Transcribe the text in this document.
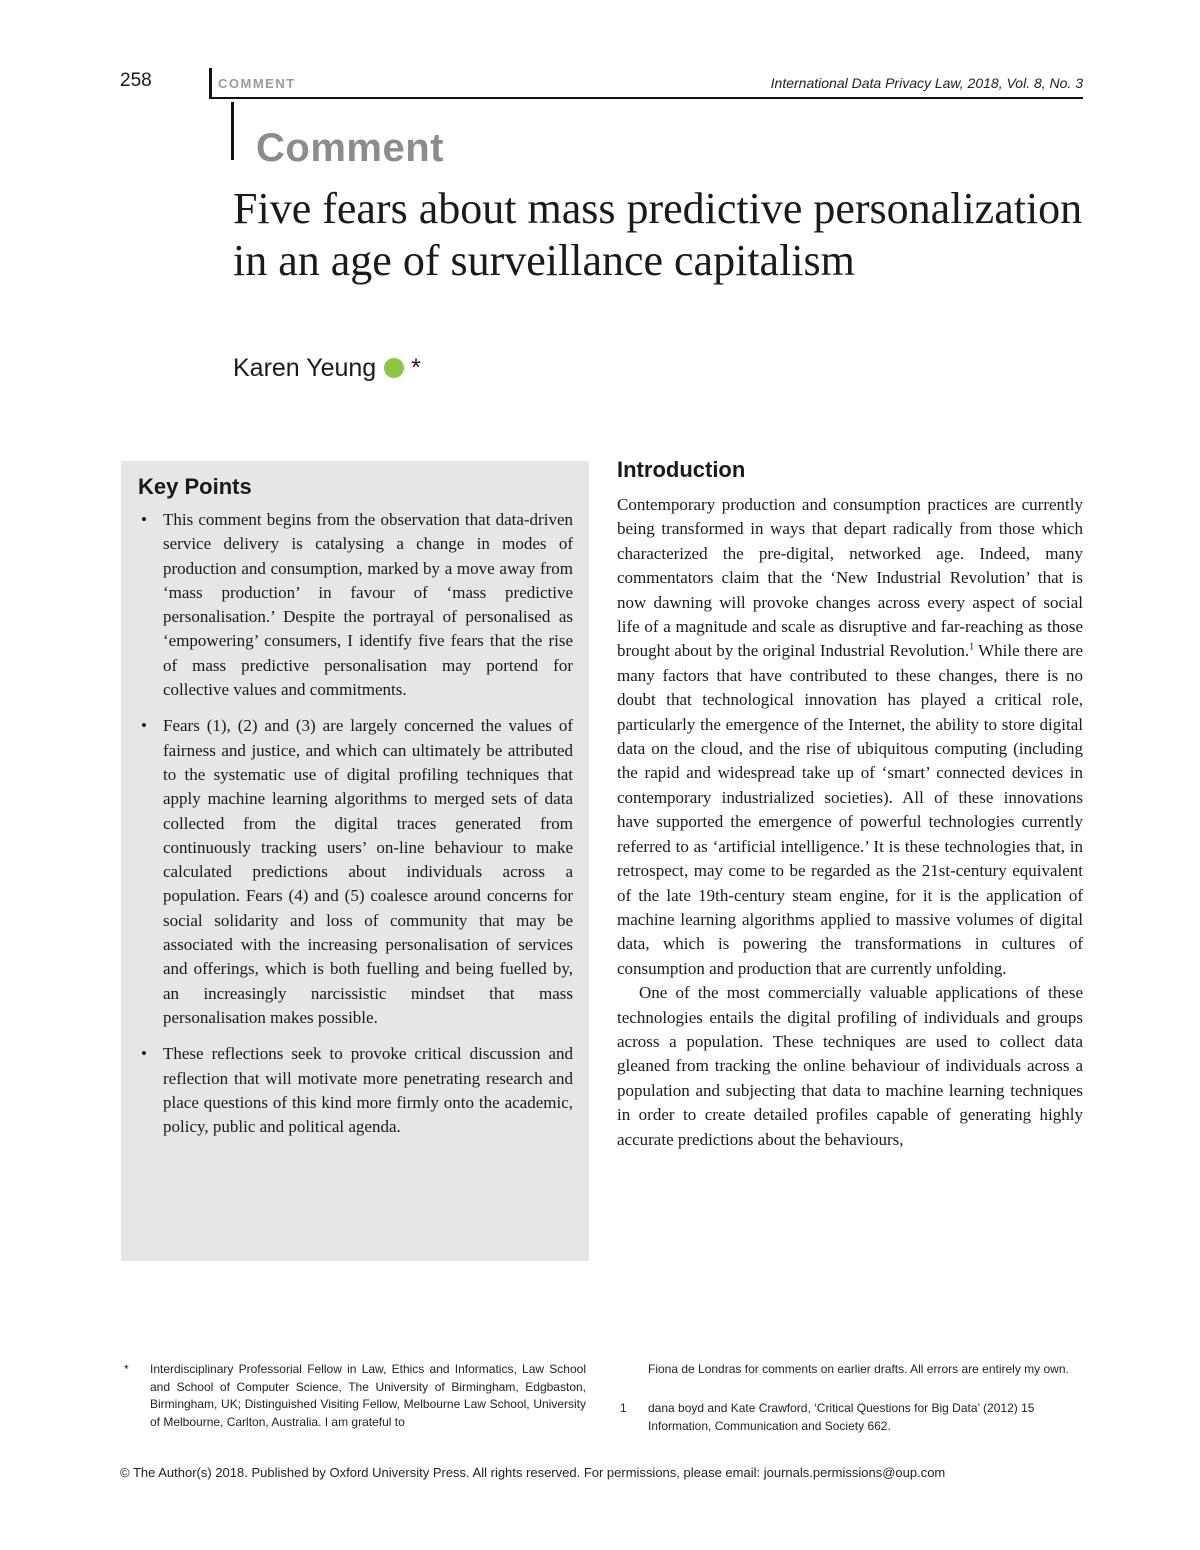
258	COMMENT	International Data Privacy Law, 2018, Vol. 8, No. 3
Comment
Five fears about mass predictive personalization in an age of surveillance capitalism
Karen Yeung *
Key Points
• This comment begins from the observation that data-driven service delivery is catalysing a change in modes of production and consumption, marked by a move away from ‘mass production’ in favour of ‘mass predictive personalisation.’ Despite the portrayal of personalised as ‘empowering’ consumers, I identify five fears that the rise of mass predictive personalisation may portend for collective values and commitments.
• Fears (1), (2) and (3) are largely concerned the values of fairness and justice, and which can ultimately be attributed to the systematic use of digital profiling techniques that apply machine learning algorithms to merged sets of data collected from the digital traces generated from continuously tracking users’ on-line behaviour to make calculated predictions about individuals across a population. Fears (4) and (5) coalesce around concerns for social solidarity and loss of community that may be associated with the increasing personalisation of services and offerings, which is both fuelling and being fuelled by, an increasingly narcissistic mindset that mass personalisation makes possible.
• These reflections seek to provoke critical discussion and reflection that will motivate more penetrating research and place questions of this kind more firmly onto the academic, policy, public and political agenda.
Introduction

Contemporary production and consumption practices are currently being transformed in ways that depart radically from those which characterized the pre-digital, networked age. Indeed, many commentators claim that the ‘New Industrial Revolution’ that is now dawning will provoke changes across every aspect of social life of a magnitude and scale as disruptive and far-reaching as those brought about by the original Industrial Revolution.$^1$ While there are many factors that have contributed to these changes, there is no doubt that technological innovation has played a critical role, particularly the emergence of the Internet, the ability to store digital data on the cloud, and the rise of ubiquitous computing (including the rapid and widespread take up of ‘smart’ connected devices in contemporary industrialized societies). All of these innovations have supported the emergence of powerful technologies currently referred to as ‘artificial intelligence.’ It is these technologies that, in retrospect, may come to be regarded as the 21st-century equivalent of the late 19th-century steam engine, for it is the application of machine learning algorithms applied to massive volumes of digital data, which is powering the transformations in cultures of consumption and production that are currently unfolding.

One of the most commercially valuable applications of these technologies entails the digital profiling of individuals and groups across a population. These techniques are used to collect data gleaned from tracking the online behaviour of individuals across a population and subjecting that data to machine learning techniques in order to create detailed profiles capable of generating highly accurate predictions about the behaviours,

* Interdisciplinary Professorial Fellow in Law, Ethics and Informatics, Law School and School of Computer Science, The University of Birmingham, Edgbaston, Birmingham, UK; Distinguished Visiting Fellow, Melbourne Law School, University of Melbourne, Carlton, Australia. I am grateful to
Fiona de Londras for comments on earlier drafts. All errors are entirely my own.
1 dana boyd and Kate Crawford, ‘Critical Questions for Big Data’ (2012) 15 Information, Communication and Society 662.
© The Author(s) 2018. Published by Oxford University Press. All rights reserved. For permissions, please email: journals.permissions@oup.com
